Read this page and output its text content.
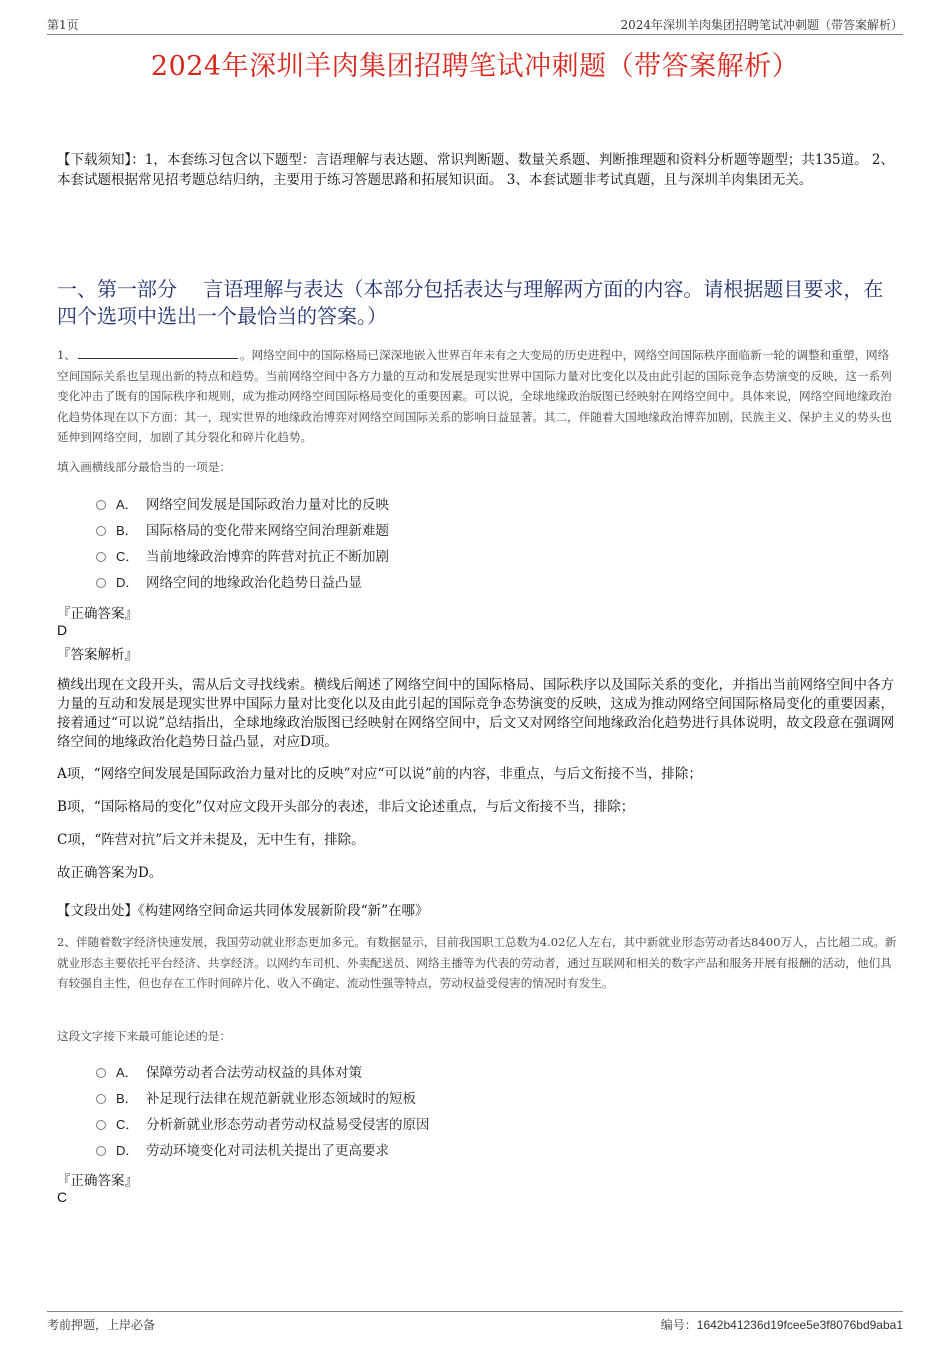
第1页	2024年深圳羊肉集团招聘笔试冲刺题（带答案解析）
2024年深圳羊肉集团招聘笔试冲刺题（带答案解析）
【下载须知】：1，本套练习包含以下题型：言语理解与表达题、常识判断题、数量关系题、判断推理题和资料分析题等题型；共135道。 2、本套试题根据常见招考题总结归纳，主要用于练习答题思路和拓展知识面。 3、本套试题非考试真题，且与深圳羊肉集团无关。
一、第一部分　 言语理解与表达（本部分包括表达与理解两方面的内容。请根据题目要求，在四个选项中选出一个最恰当的答案。）
1、	。网络空间中的国际格局已深深地嵌入世界百年未有之大变局的历史进程中，网络空间国际秩序面临新一轮的调整和重塑，网络空间国际关系也呈现出新的特点和趋势。当前网络空间中各方力量的互动和发展是现实世界中国际力量对比变化以及由此引起的国际竞争态势演变的反映，这一系列变化冲击了既有的国际秩序和规则，成为推动网络空间国际格局变化的重要因素。可以说，全球地缘政治版图已经映射在网络空间中。具体来说，网络空间地缘政治化趋势体现在以下方面：其一，现实世界的地缘政治博弈对网络空间国际关系的影响日益显著。其二，伴随着大国地缘政治博弈加剧，民族主义、保护主义的势头也延伸到网络空间，加剧了其分裂化和碎片化趋势。
填入画横线部分最恰当的一项是：
A． 网络空间发展是国际政治力量对比的反映
B． 国际格局的变化带来网络空间治理新难题
C． 当前地缘政治博弈的阵营对抗正不断加剧
D． 网络空间的地缘政治化趋势日益凸显
『正确答案』
D
『答案解析』
横线出现在文段开头，需从后文寻找线索。横线后阐述了网络空间中的国际格局、国际秩序以及国际关系的变化，并指出当前网络空间中各方力量的互动和发展是现实世界中国际力量对比变化以及由此引起的国际竞争态势演变的反映，这成为推动网络空间国际格局变化的重要因素，接着通过“可以说”总结指出，全球地缘政治版图已经映射在网络空间中，后文又对网络空间地缘政治化趋势进行具体说明，故文段意在强调网络空间的地缘政治化趋势日益凸显，对应D项。
A项，“网络空间发展是国际政治力量对比的反映”对应“可以说”前的内容，非重点，与后文衔接不当，排除；
B项，“国际格局的变化”仅对应文段开头部分的表述，非后文论述重点，与后文衔接不当，排除；
C项，“阵营对抗”后文并未提及，无中生有，排除。
故正确答案为D。
【文段出处】《构建网络空间命运共同体发展新阶段“新”在哪》
2、伴随着数字经济快速发展，我国劳动就业形态更加多元。有数据显示，目前我国职工总数为4.02亿人左右，其中新就业形态劳动者达8400万人，占比超二成。新就业形态主要依托平台经济、共享经济。以网约车司机、外卖配送员、网络主播等为代表的劳动者，通过互联网和相关的数字产品和服务开展有报酬的活动，他们具有较强自主性，但也存在工作时间碎片化、收入不确定、流动性强等特点，劳动权益受侵害的情况时有发生。
这段文字接下来最可能论述的是：
A． 保障劳动者合法劳动权益的具体对策
B． 补足现行法律在规范新就业形态领域时的短板
C． 分析新就业形态劳动者劳动权益易受侵害的原因
D． 劳动环境变化对司法机关提出了更高要求
『正确答案』
C
考前押题，上岸必备	编号：1642b41236d19fcee5e3f8076bd9aba1
